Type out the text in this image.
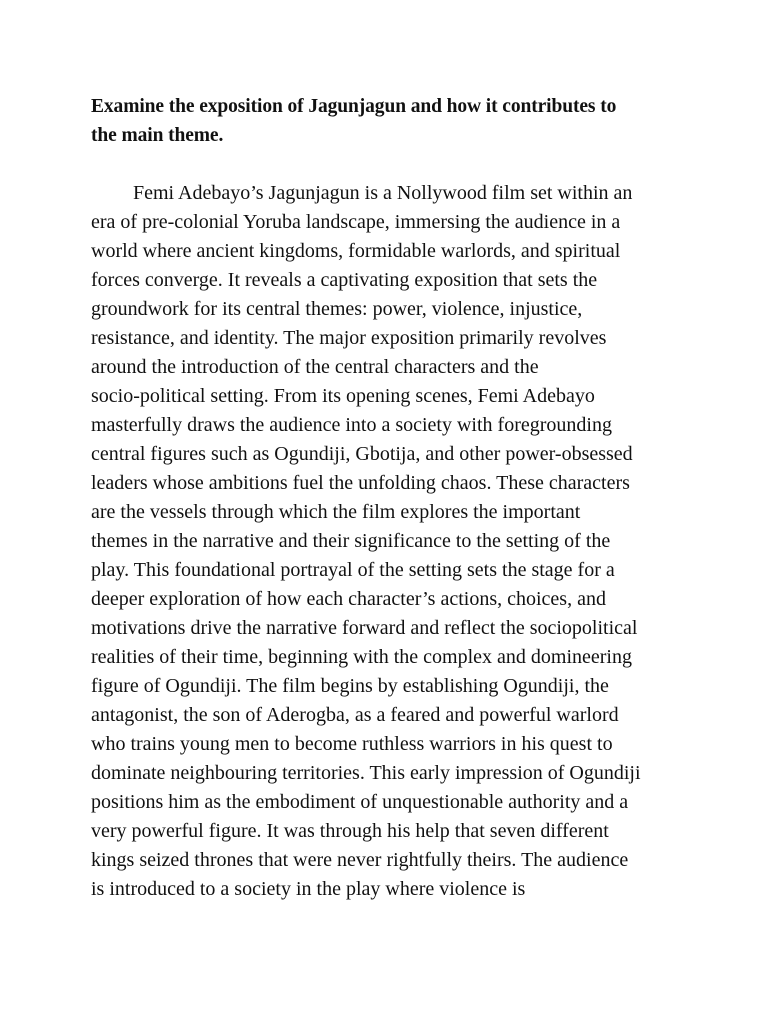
Examine the exposition of Jagunjagun and how it contributes to
the main theme.
Femi Adebayo’s Jagunjagun is a Nollywood film set within an
era of pre-colonial Yoruba landscape, immersing the audience in a
world where ancient kingdoms, formidable warlords, and spiritual
forces converge. It reveals a captivating exposition that sets the
groundwork for its central themes: power, violence, injustice,
resistance, and identity. The major exposition primarily revolves
around the introduction of the central characters and the
socio-political setting. From its opening scenes, Femi Adebayo
masterfully draws the audience into a society with foregrounding
central figures such as Ogundiji, Gbotija, and other power-obsessed
leaders whose ambitions fuel the unfolding chaos. These characters
are the vessels through which the film explores the important
themes in the narrative and their significance to the setting of the
play. This foundational portrayal of the setting sets the stage for a
deeper exploration of how each character’s actions, choices, and
motivations drive the narrative forward and reflect the sociopolitical
realities of their time, beginning with the complex and domineering
figure of Ogundiji. The film begins by establishing Ogundiji, the
antagonist, the son of Aderogba, as a feared and powerful warlord
who trains young men to become ruthless warriors in his quest to
dominate neighbouring territories. This early impression of Ogundiji
positions him as the embodiment of unquestionable authority and a
very powerful figure. It was through his help that seven different
kings seized thrones that were never rightfully theirs. The audience
is introduced to a society in the play where violence is
